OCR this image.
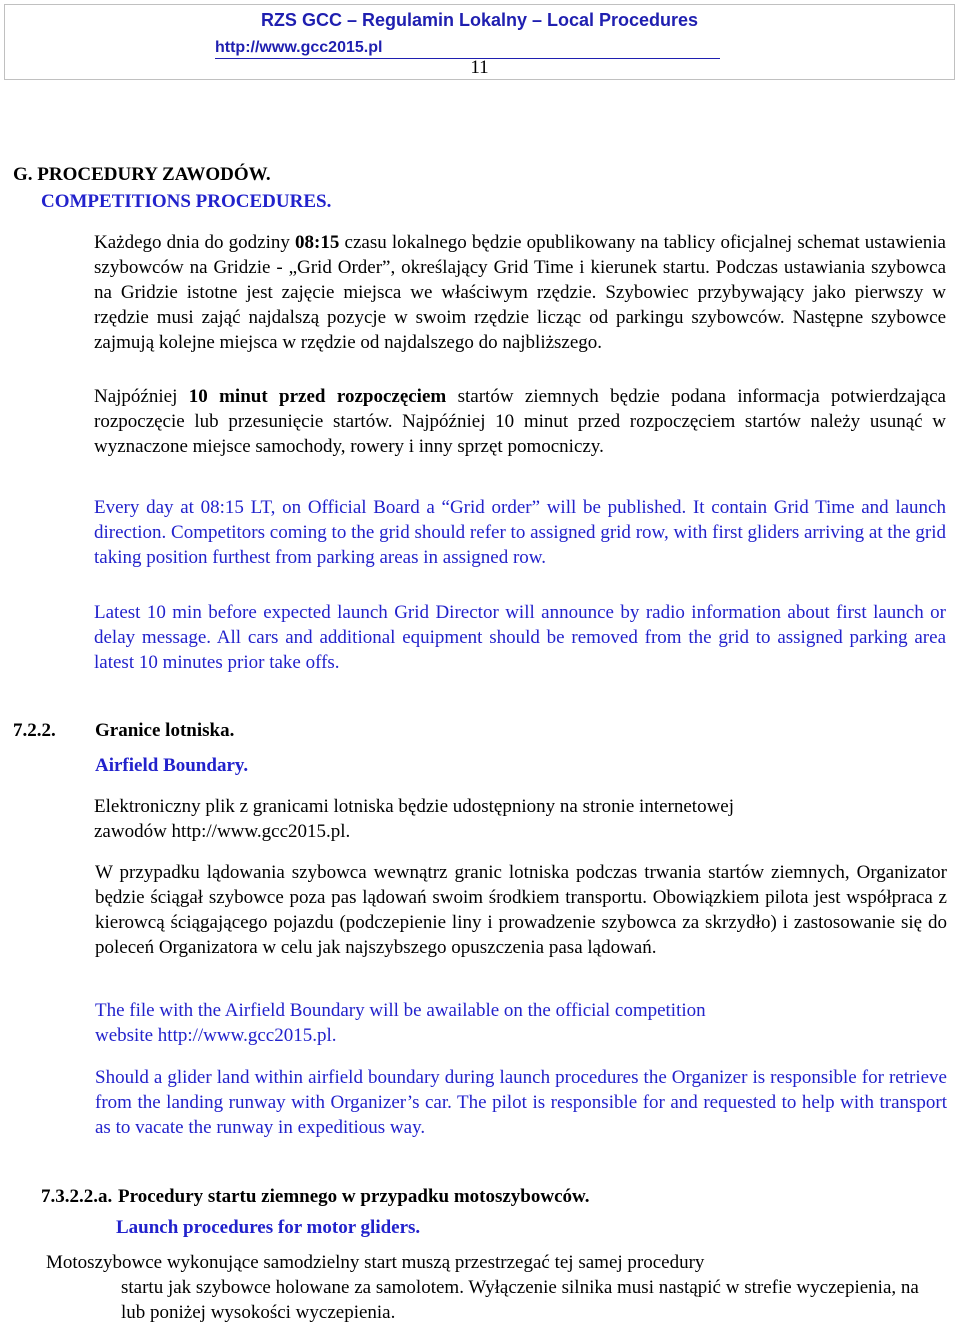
RZS GCC – Regulamin Lokalny – Local Procedures
http://www.gcc2015.pl
11
G. PROCEDURY ZAWODÓW.
COMPETITIONS PROCEDURES.
Każdego dnia do godziny 08:15 czasu lokalnego będzie opublikowany na tablicy oficjalnej schemat ustawienia szybowców na Gridzie - „Grid Order”, określający Grid Time i kierunek startu. Podczas ustawiania szybowca na Gridzie istotne jest zajęcie miejsca we właściwym rzędzie. Szybowiec przybywający jako pierwszy w rzędzie musi zająć najdalszą pozycje w swoim rzędzie licząc od parkingu szybowców. Następne szybowce zajmują kolejne miejsca w rzędzie od najdalszego do najbliższego.
Najpóźniej 10 minut przed rozpoczęciem startów ziemnych będzie podana informacja potwierdzająca rozpoczęcie lub przesunięcie startów. Najpóźniej 10 minut przed rozpoczęciem startów należy usunąć w wyznaczone miejsce samochody, rowery i inny sprzęt pomocniczy.
Every day at 08:15 LT, on Official Board a “Grid order” will be published. It contain Grid Time and launch direction. Competitors coming to the grid should refer to assigned grid row, with first gliders arriving at the grid taking position furthest from parking areas in assigned row.
Latest 10 min before expected launch Grid Director will announce by radio information about first launch or delay message. All cars and additional equipment should be removed from the grid to assigned parking area latest 10 minutes prior take offs.
7.2.2. Granice lotniska.
Airfield Boundary.
Elektroniczny plik z granicami lotniska będzie udostępniony na stronie internetowej zawodów http://www.gcc2015.pl.
W przypadku lądowania szybowca wewnątrz granic lotniska podczas trwania startów ziemnych, Organizator będzie ściągał szybowce poza pas lądowań swoim środkiem transportu. Obowiązkiem pilota jest współpraca z kierowcą ściągającego pojazdu (podczepienie liny i prowadzenie szybowca za skrzydło) i zastosowanie się do poleceń Organizatora w celu jak najszybszego opuszczenia pasa lądowań.
The file with the Airfield Boundary will be awailable on the official competition website http://www.gcc2015.pl.
Should a glider land within airfield boundary during launch procedures the Organizer is responsible for retrieve from the landing runway with Organizer’s car. The pilot is responsible for and requested to help with transport as to vacate the runway in expeditious way.
7.3.2.2.a. Procedury startu ziemnego w przypadku motoszybowców.
Launch procedures for motor gliders.
Motoszybowce wykonujące samodzielny start muszą przestrzegać tej samej procedury
startu jak szybowce holowane za samolotem. Wyłączenie silnika musi nastąpić w strefie wyczepienia, na lub poniżej wysokości wyczepienia.
